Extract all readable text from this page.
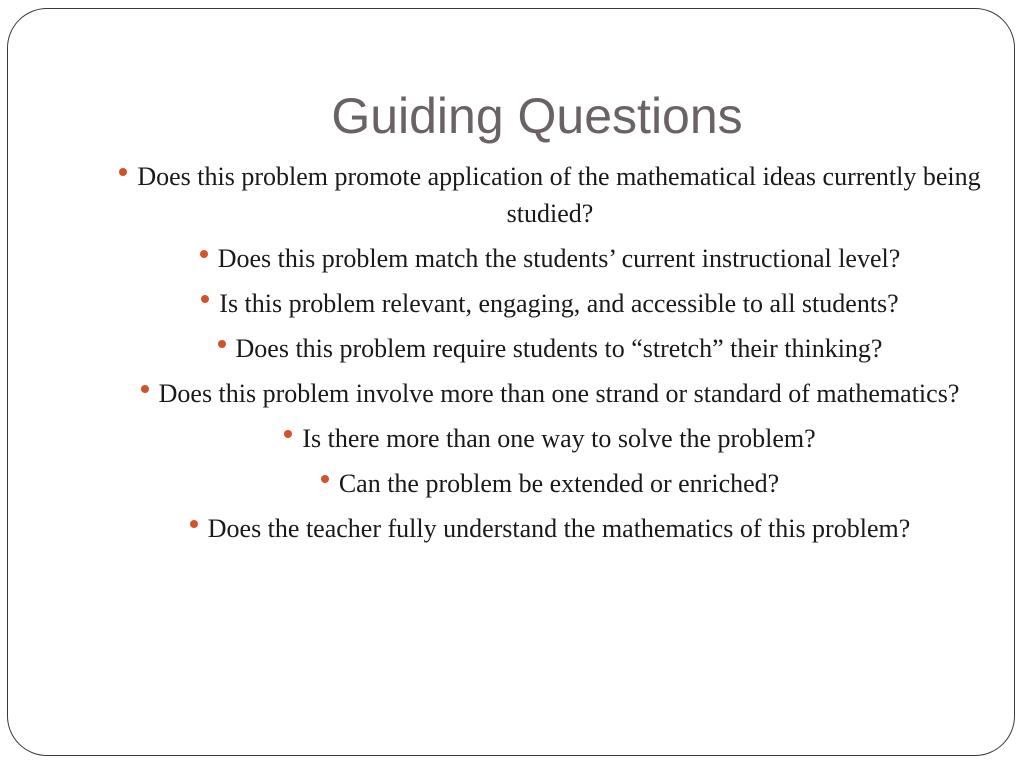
Guiding Questions
Does this problem promote application of the mathematical ideas currently being studied?
Does this problem match the students’ current instructional level?
Is this problem relevant, engaging, and accessible to all students?
Does this problem require students to “stretch” their thinking?
Does this problem involve more than one strand or standard of mathematics?
Is there more than one way to solve the problem?
Can the problem be extended or enriched?
Does the teacher fully understand the mathematics of this problem?
